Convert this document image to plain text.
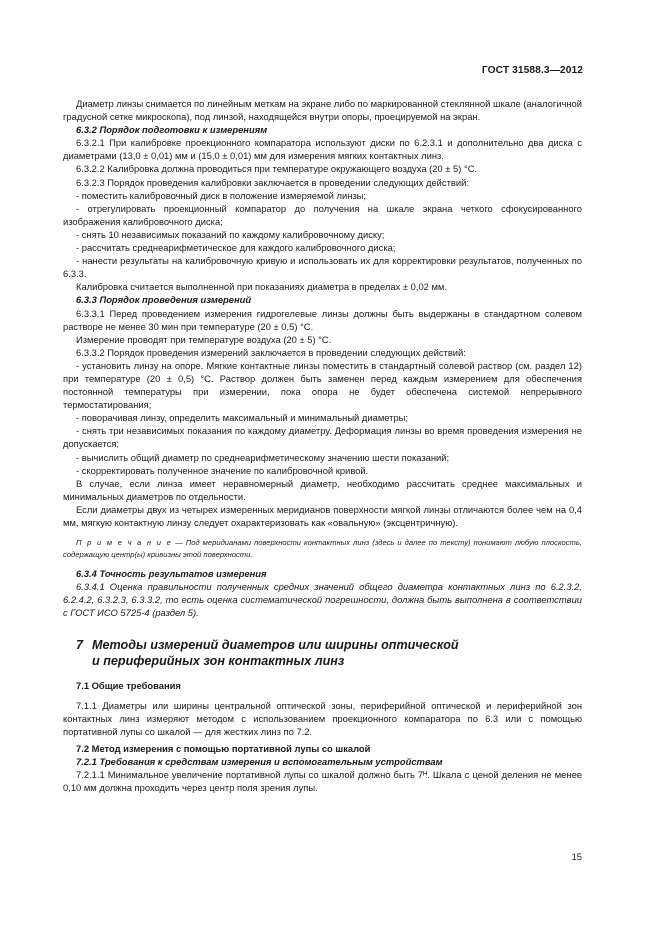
ГОСТ 31588.3—2012

Диаметр линзы снимается по линейным меткам на экране либо по маркированной стеклянной шкале (аналогичной градусной сетке микроскопа), под линзой, находящейся внутри опоры, проецируемой на экран.

6.3.2 Порядок подготовки к измерениям

6.3.2.1 При калибровке проекционного компаратора используют диски по 6.2.3.1 и дополнительно два диска с диаметрами (13,0 ± 0,01) мм и (15,0 ± 0,01) мм для измерения мягких контактных линз.

6.3.2.2 Калибровка должна проводиться при температуре окружающего воздуха (20 ± 5) °С.

6.3.2.3 Порядок проведения калибровки заключается в проведении следующих действий:

- поместить калибровочный диск в положение измеряемой линзы;

- отрегулировать проекционный компаратор до получения на шкале экрана четкого сфокусированного изображения калибровочного диска;

- снять 10 независимых показаний по каждому калибровочному диску;

- рассчитать среднеарифметическое для каждого калибровочного диска;

- нанести результаты на калибровочную кривую и использовать их для корректировки результатов, полученных по 6.3.3.

Калибровка считается выполненной при показаниях диаметра в пределах ± 0,02 мм.

6.3.3 Порядок проведения измерений

6.3.3.1 Перед проведением измерения гидрогелевые линзы должны быть выдержаны в стандартном солевом растворе не менее 30 мин при температуре (20 ± 0,5) °С.

Измерение проводят при температуре воздуха (20 ± 5) °С.

6.3.3.2 Порядок проведения измерений заключается в проведении следующих действий:

- установить линзу на опоре. Мягкие контактные линзы поместить в стандартный солевой раствор (см. раздел 12) при температуре (20 ± 0,5) °С. Раствор должен быть заменен перед каждым измерением для обеспечения постоянной температуры при измерении, пока опора не будет обеспечена системой непрерывного термостатирования;

- поворачивая линзу, определить максимальный и минимальный диаметры;

- снять три независимых показания по каждому диаметру. Деформация линзы во время проведения измерения не допускается;

- вычислить общий диаметр по среднеарифметическому значению шести показаний;

- скорректировать полученное значение по калибровочной кривой.

В случае, если линза имеет неравномерный диаметр, необходимо рассчитать среднее максимальных и минимальных диаметров по отдельности.

Если диаметры двух из четырех измеренных меридианов поверхности мягкой линзы отличаются более чем на 0,4 мм, мягкую контактную линзу следует охарактеризовать как «овальную» (эксцентричную).

П р и м е ч а н и е — Под меридианами поверхности контактных линз (здесь и далее по тексту) понимают любую плоскость, содержащую центр(ы) кривизны этой поверхности.

6.3.4 Точность результатов измерения

6.3.4.1 Оценка правильности полученных средних значений общего диаметра контактных линз по 6.2.3.2, 6.2.4.2, 6.3.2.3, 6.3.3.2, то есть оценка систематической погрешности, должна быть выполнена в соответствии с ГОСТ ИСО 5725-4 (раздел 5).

7 Методы измерений диаметров или ширины оптической
и периферийных зон контактных линз

7.1 Общие требования

7.1.1 Диаметры или ширины центральной оптической зоны, периферийной оптической и периферийной зон контактных линз измеряют методом с использованием проекционного компаратора по 6.3 или с помощью портативной лупы со шкалой — для жестких линз по 7.2.

7.2 Метод измерения с помощью портативной лупы со шкалой

7.2.1 Требования к средствам измерения и вспомогательным устройствам

7.2.1.1 Минимальное увеличение портативной лупы со шкалой должно быть 7ᴴ. Шкала с ценой деления не менее 0,10 мм должна проходить через центр поля зрения лупы.

15
